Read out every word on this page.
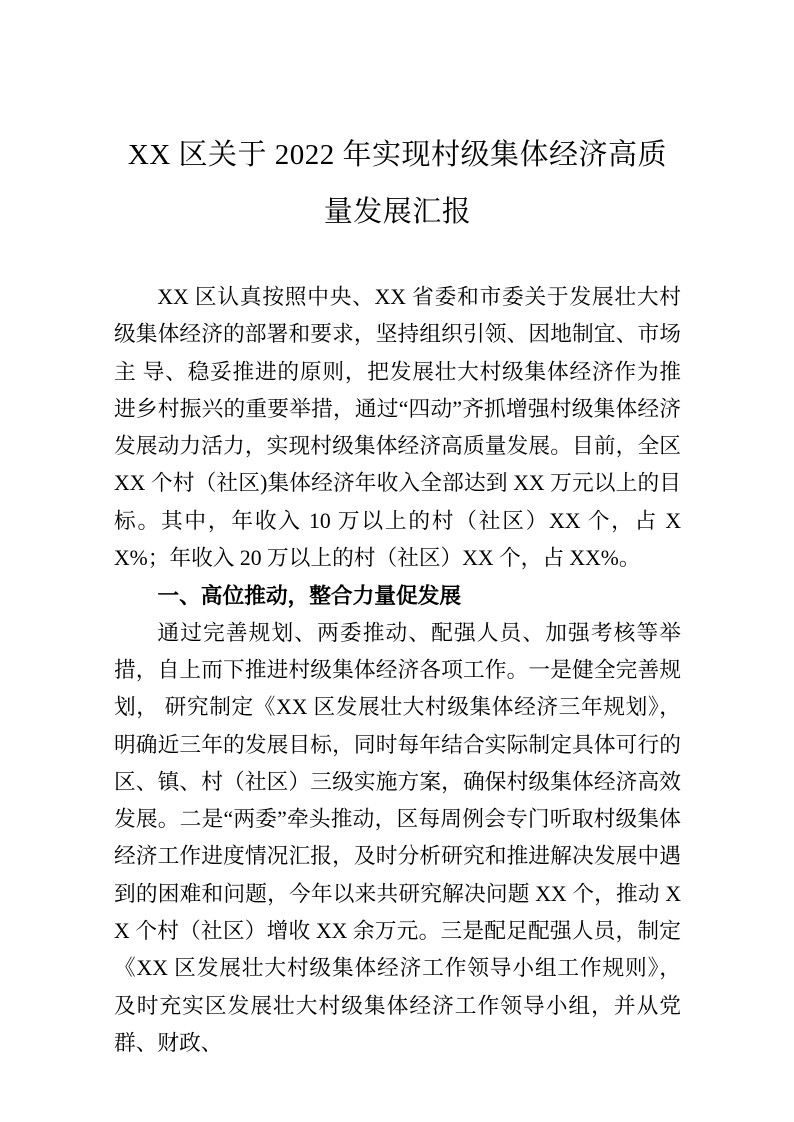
XX 区关于 2022 年实现村级集体经济高质量发展汇报

XX 区认真按照中央、XX 省委和市委关于发展壮大村级集体经济的部署和要求，坚持组织引领、因地制宜、市场主 导、稳妥推进的原则，把发展壮大村级集体经济作为推进乡村振兴的重要举措，通过“四动”齐抓增强村级集体经济发展动力活力，实现村级集体经济高质量发展。目前，全区 XX 个村（社区)集体经济年收入全部达到 XX 万元以上的目标。其中，年收入 10 万以上的村（社区）XX 个，占 XX%；年收入 20 万以上的村（社区）XX 个，占 XX%。

一、高位推动，整合力量促发展

通过完善规划、两委推动、配强人员、加强考核等举措，自上而下推进村级集体经济各项工作。一是健全完善规划， 研究制定《XX 区发展壮大村级集体经济三年规划》，明确近三年的发展目标，同时每年结合实际制定具体可行的区、镇、村（社区）三级实施方案，确保村级集体经济高效发展。二是“两委”牵头推动，区每周例会专门听取村级集体经济工作进度情况汇报，及时分析研究和推进解决发展中遇到的困难和问题，今年以来共研究解决问题 XX 个，推动 XX 个村（社区）增收 XX 余万元。三是配足配强人员，制定《XX 区发展壮大村级集体经济工作领导小组工作规则》，及时充实区发展壮大村级集体经济工作领导小组，并从党群、财政、
